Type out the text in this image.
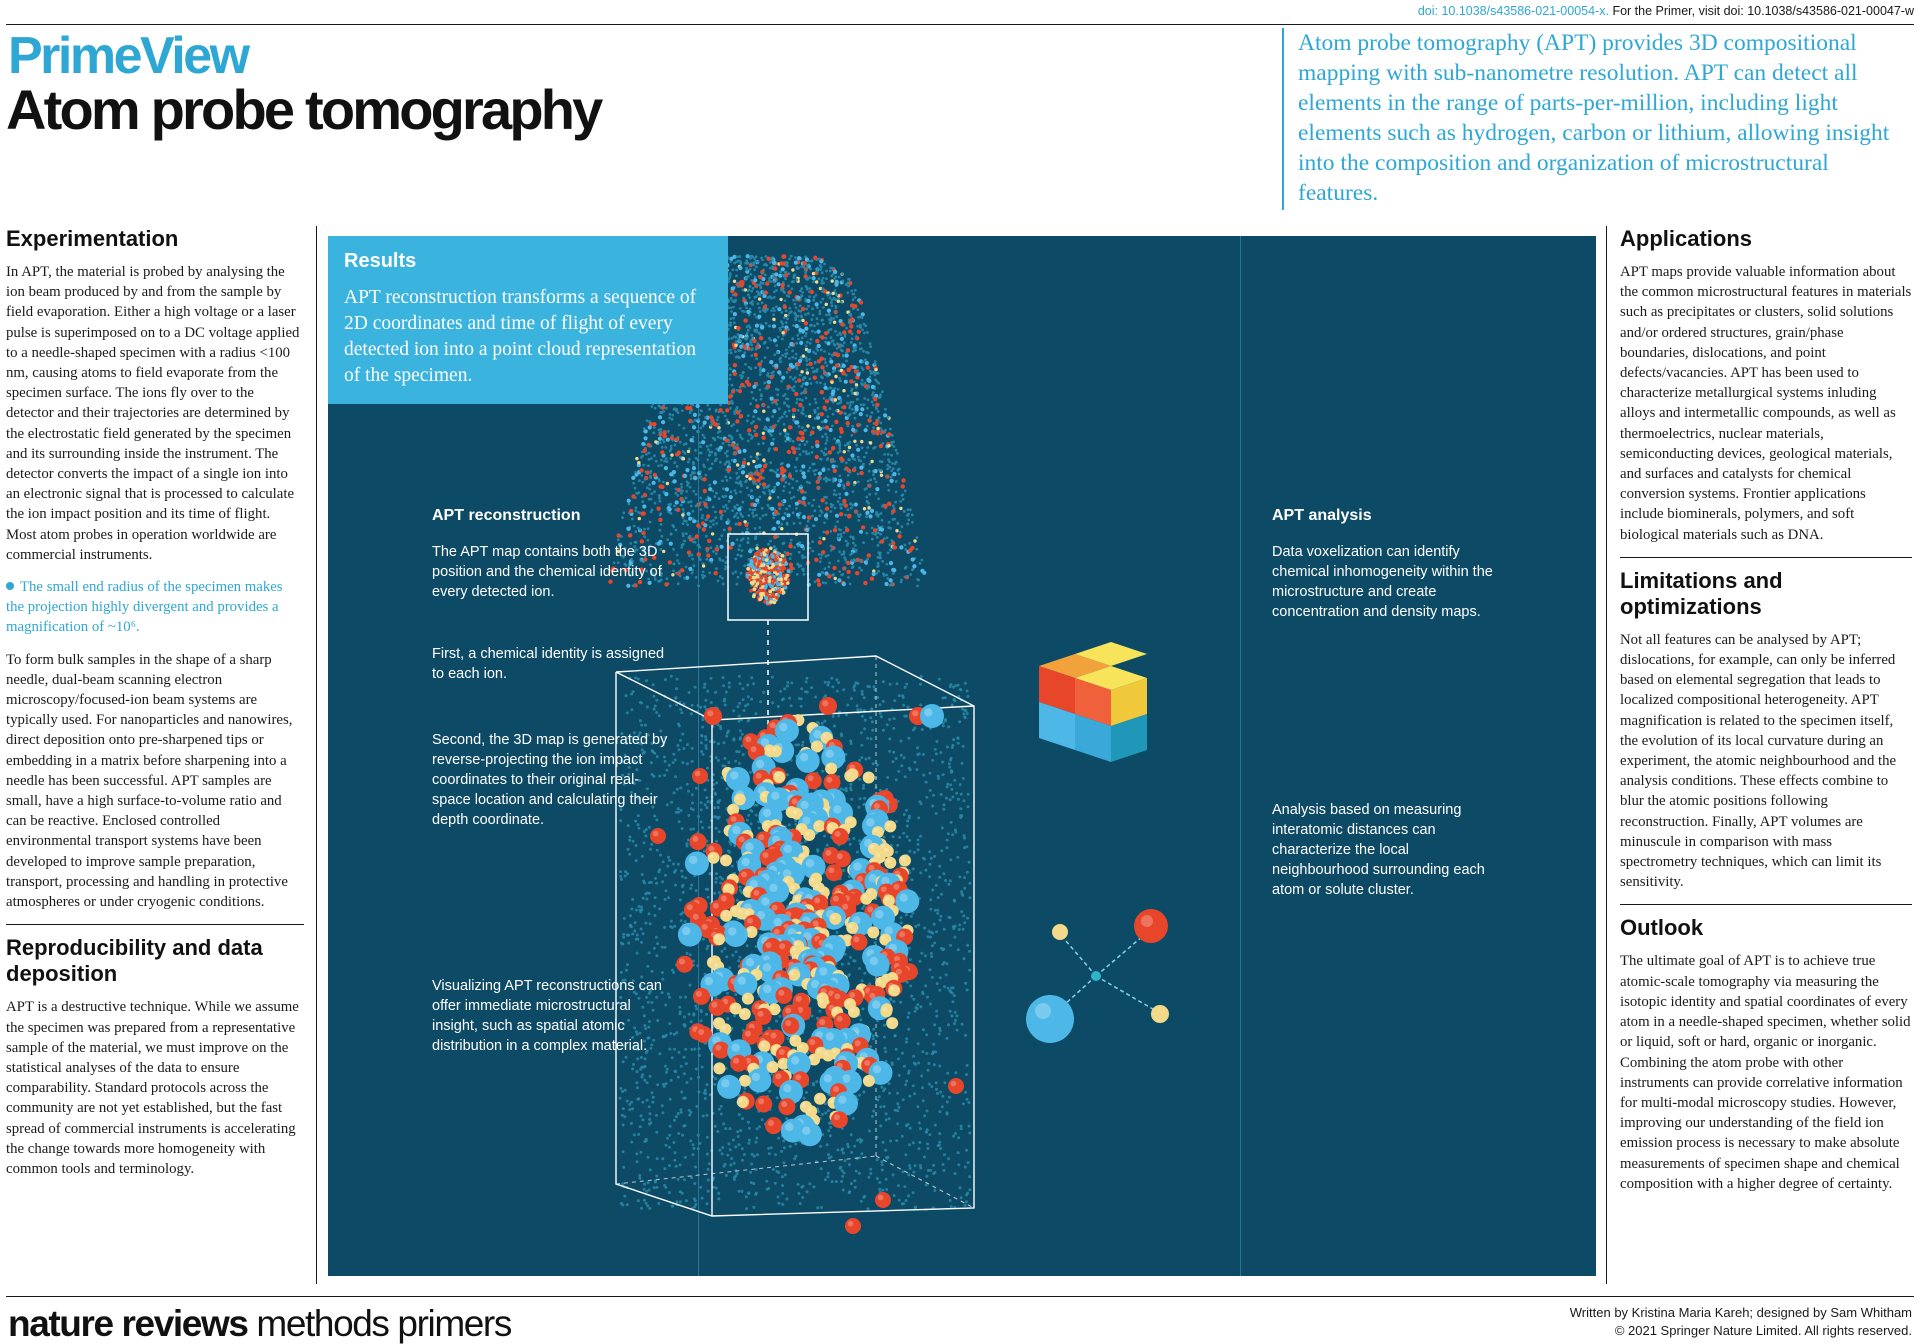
doi: 10.1038/s43586-021-00054-x. For the Primer, visit doi: 10.1038/s43586-021-00047-w
PrimeView
Atom probe tomography
Atom probe tomography (APT) provides 3D compositional mapping with sub-nanometre resolution. APT can detect all elements in the range of parts-per-million, including light elements such as hydrogen, carbon or lithium, allowing insight into the composition and organization of microstructural features.
Experimentation

In APT, the material is probed by analysing the ion beam produced by and from the sample by field evaporation. Either a high voltage or a laser pulse is superimposed on to a DC voltage applied to a needle-shaped specimen with a radius <100 nm, causing atoms to field evaporate from the specimen surface. The ions fly over to the detector and their trajectories are determined by the electrostatic field generated by the specimen and its surrounding inside the instrument. The detector converts the impact of a single ion into an electronic signal that is processed to calculate the ion impact position and its time of flight. Most atom probes in operation worldwide are commercial instruments.

The small end radius of the specimen makes the projection highly divergent and provides a magnification of ~10⁶.

To form bulk samples in the shape of a sharp needle, dual-beam scanning electron microscopy/focused-ion beam systems are typically used. For nanoparticles and nanowires, direct deposition onto pre-sharpened tips or embedding in a matrix before sharpening into a needle has been successful. APT samples are small, have a high surface-to-volume ratio and can be reactive. Enclosed controlled environmental transport systems have been developed to improve sample preparation, transport, processing and handling in protective atmospheres or under cryogenic conditions.

Reproducibility and data deposition

APT is a destructive technique. While we assume the specimen was prepared from a representative sample of the material, we must improve on the statistical analyses of the data to ensure comparability. Standard protocols across the community are not yet established, but the fast spread of commercial instruments is accelerating the change towards more homogeneity with common tools and terminology.

Applications

APT maps provide valuable information about the common microstructural features in materials such as precipitates or clusters, solid solutions and/or ordered structures, grain/phase boundaries, dislocations, and point defects/vacancies. APT has been used to characterize metallurgical systems inluding alloys and intermetallic compounds, as well as thermoelectrics, nuclear materials, semiconducting devices, geological materials, and surfaces and catalysts for chemical conversion systems. Frontier applications include biominerals, polymers, and soft biological materials such as DNA.

Limitations and optimizations

Not all features can be analysed by APT; dislocations, for example, can only be inferred based on elemental segregation that leads to localized compositional heterogeneity. APT magnification is related to the specimen itself, the evolution of its local curvature during an experiment, the atomic neighbourhood and the analysis conditions. These effects combine to blur the atomic positions following reconstruction. Finally, APT volumes are minuscule in comparison with mass spectrometry techniques, which can limit its sensitivity.

Outlook

The ultimate goal of APT is to achieve true atomic-scale tomography via measuring the isotopic identity and spatial coordinates of every atom in a needle-shaped specimen, whether solid or liquid, soft or hard, organic or inorganic. Combining the atom probe with other instruments can provide correlative information for multi-modal microscopy studies. However, improving our understanding of the field ion emission process is necessary to make absolute measurements of specimen shape and chemical composition with a higher degree of certainty.

Results
APT reconstruction transforms a sequence of 2D coordinates and time of flight of every detected ion into a point cloud representation of the specimen.
APT reconstruction
The APT map contains both the 3D position and the chemical identity of every detected ion.
First, a chemical identity is assigned to each ion.
Second, the 3D map is generated by reverse-projecting the ion impact coordinates to their original real-space location and calculating their depth coordinate.
Visualizing APT reconstructions can offer immediate microstructural insight, such as spatial atomic distribution in a complex material.
APT analysis
Data voxelization can identify chemical inhomogeneity within the microstructure and create concentration and density maps.
Analysis based on measuring interatomic distances can characterize the local neighbourhood surrounding each atom or solute cluster.
nature reviews methods primers	Written by Kristina Maria Kareh; designed by Sam Whitham
© 2021 Springer Nature Limited. All rights reserved.
